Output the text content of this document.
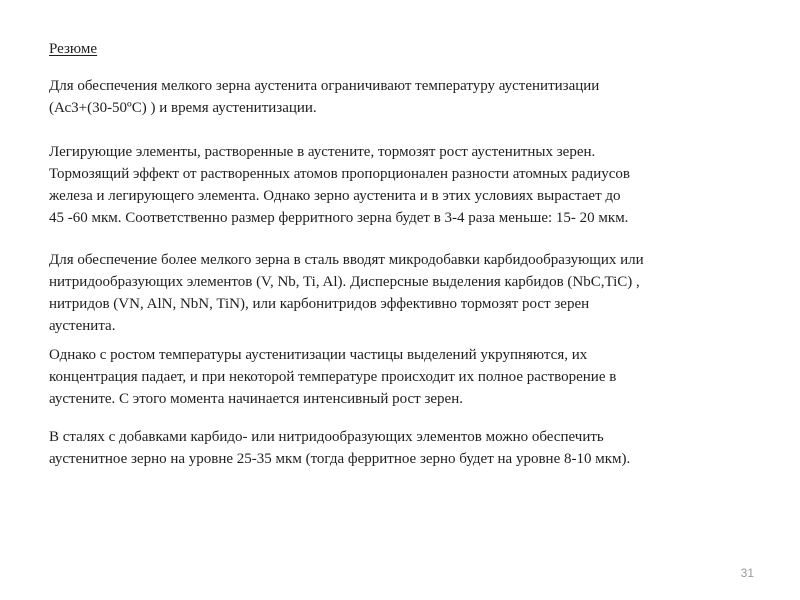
Резюме
Для обеспечения мелкого зерна аустенита ограничивают температуру аустенитизации
(Ас3+(30-50ºС) ) и время аустенитизации.
Легирующие элементы, растворенные в аустените, тормозят рост аустенитных зерен.
Тормозящий эффект от растворенных атомов пропорционален разности атомных радиусов
железа и легирующего элемента. Однако зерно аустенита и в этих условиях вырастает до
45 -60 мкм. Соответственно размер ферритного зерна будет в 3-4 раза меньше: 15- 20 мкм.
Для обеспечение более мелкого зерна в сталь вводят микродобавки карбидообразующих или
нитридообразующих элементов (V, Nb, Ti, Al). Дисперсные выделения карбидов (NbC,TiC) ,
нитридов (VN, AlN, NbN, TiN), или карбонитридов эффективно тормозят рост зерен
аустенита.
Однако с ростом температуры аустенитизации частицы выделений укрупняются, их
концентрация падает, и при некоторой температуре происходит их полное растворение в
аустените. С этого момента начинается интенсивный рост зерен.
В сталях с добавками карбидо- или нитридообразующих элементов можно обеспечить
аустенитное зерно на уровне 25-35 мкм (тогда ферритное зерно будет на уровне 8-10 мкм).
31
